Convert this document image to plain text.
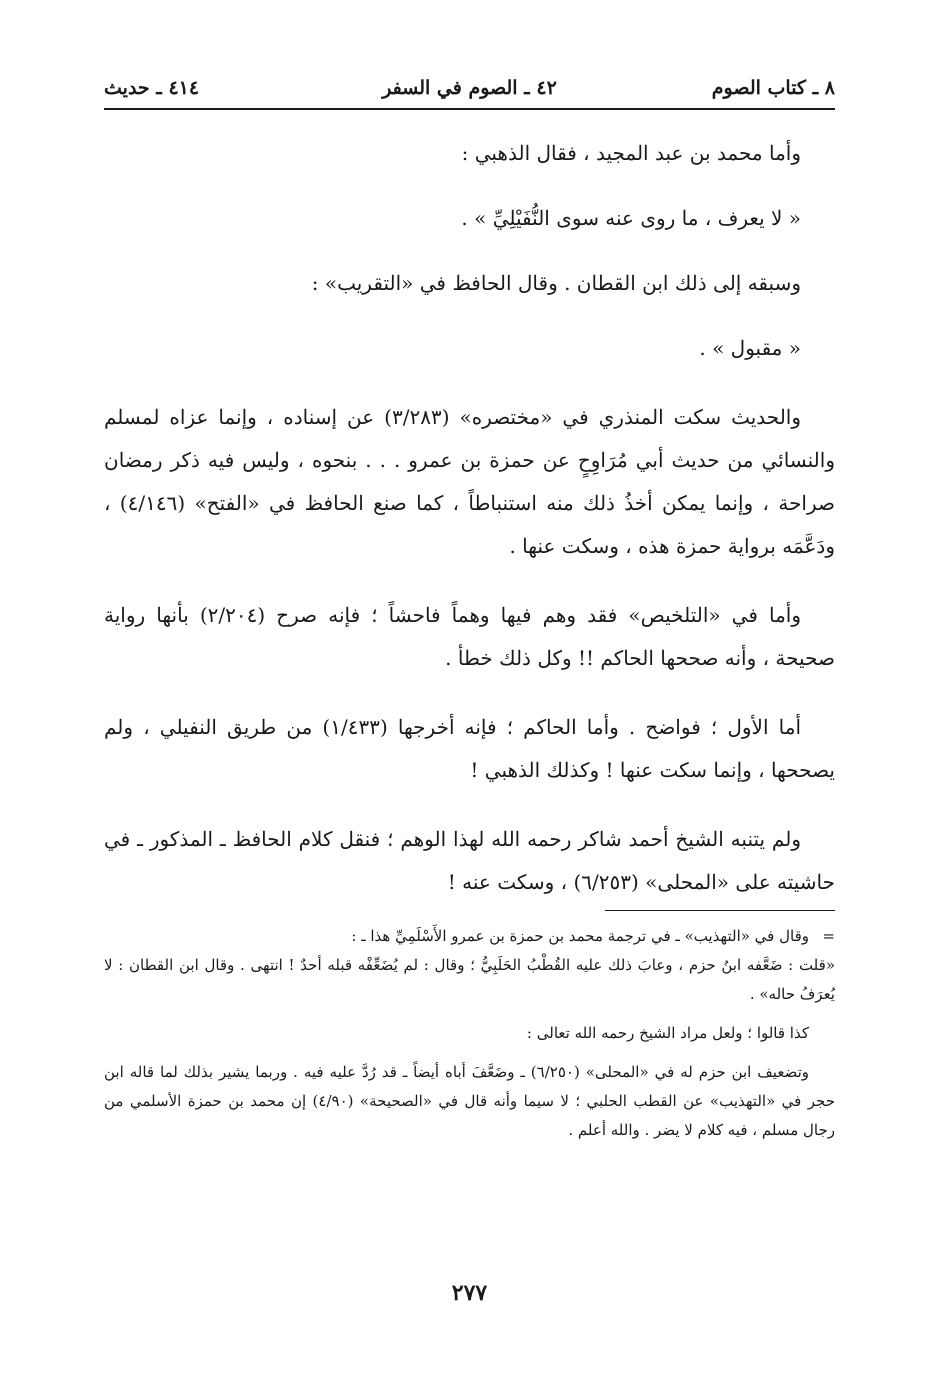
٨ ـ كتاب الصوم
٤٢ ـ الصوم في السفر
٤١٤ ـ حديث

وأما محمد بن عبد المجيد ، فقال الذهبي :

« لا يعرف ، ما روى عنه سوى النُّفَيْلِيِّ » .

وسبقه إلى ذلك ابن القطان . وقال الحافظ في «التقريب» :

« مقبول » .

والحديث سكت المنذري في «مختصره» (٣/٢٨٣) عن إسناده ، وإنما عزاه لمسلم والنسائي من حديث أبي مُرَاوِحٍ عن حمزة بن عمرو . . . بنحوه ، وليس فيه ذكر رمضان صراحة ، وإنما يمكن أخذُ ذلك منه استنباطاً ، كما صنع الحافظ في «الفتح» (٤/١٤٦) ، ودَعَّمَه برواية حمزة هذه ، وسكت عنها .

وأما في «التلخيص» فقد وهم فيها وهماً فاحشاً ؛ فإنه صرح (٢/٢٠٤) بأنها رواية صحيحة ، وأنه صححها الحاكم !! وكل ذلك خطأ .

أما الأول ؛ فواضح . وأما الحاكم ؛ فإنه أخرجها (١/٤٣٣) من طريق النفيلي ، ولم يصححها ، وإنما سكت عنها ! وكذلك الذهبي !

ولم يتنبه الشيخ أحمد شاكر رحمه الله لهذا الوهم ؛ فنقل كلام الحافظ ـ المذكور ـ في حاشيته على «المحلى» (٦/٢٥٣) ، وسكت عنه !

=وقال في «التهذيب» ـ في ترجمة محمد بن حمزة بن عمرو الأَسْلَمِيِّ هذا ـ :

«قلت : ضَعَّفه ابنُ حزم ، وعابَ ذلك عليه القُطْبُ الحَلَبِيُّ ؛ وقال : لم يُضَعِّفْه قبله أحدٌ ! انتهى . وقال ابن القطان : لا يُعرَفُ حاله» .

كذا قالوا ؛ ولعل مراد الشيخ رحمه الله تعالى :

وتضعيف ابن حزم له في «المحلى» (٦/٢٥٠) ـ وضَعَّفَ أباه أيضاً ـ قد رُدَّ عليه فيه . وربما يشير بذلك لما قاله ابن حجر في «التهذيب» عن القطب الحلبي ؛ لا سيما وأنه قال في «الصحيحة» (٤/٩٠) إن محمد بن حمزة الأسلمي من رجال مسلم ، فيه كلام لا يضر . والله أعلم .

٢٧٧
